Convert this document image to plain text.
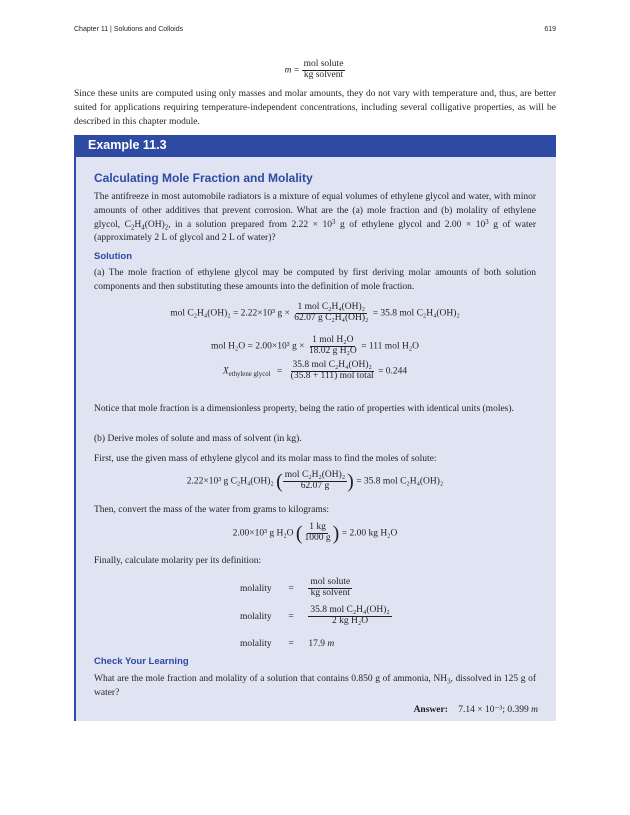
Chapter 11 | Solutions and Colloids	619
$m = \frac{\text{mol solute}}{\text{kg solvent}}$
Since these units are computed using only masses and molar amounts, they do not vary with temperature and, thus, are better suited for applications requiring temperature-independent concentrations, including several colligative properties, as will be described in this chapter module.
Example 11.3
Calculating Mole Fraction and Molality
The antifreeze in most automobile radiators is a mixture of equal volumes of ethylene glycol and water, with minor amounts of other additives that prevent corrosion. What are the (a) mole fraction and (b) molality of ethylene glycol, $C_2H_4(OH)_2$, in a solution prepared from $2.22 \times 10^3$ g of ethylene glycol and $2.00 \times 10^3$ g of water (approximately 2 L of glycol and 2 L of water)?
Solution
(a) The mole fraction of ethylene glycol may be computed by first deriving molar amounts of both solution components and then substituting these amounts into the definition of mole fraction.
mol C₂H₄(OH)₂ = 2.22×10³ $g \times \frac{\text{1 mol C₂H₄(OH)₂}}{\text{62.07 g C₂H₄(OH)₂}} = 35.8$ mol C₂H₄(OH)₂
mol H₂O = 2.00×10³ $g \times \frac{\text{1 mol H₂O}}{\text{18.02 g H₂O}} = 111$ mol H₂O
$X_{ethylene glycol} = \frac{\text{35.8 mol C₂H₄(OH)₂}}{\text{(35.8 + 111) mol total}} = 0.244$
Notice that mole fraction is a dimensionless property, being the ratio of properties with identical units (moles).
(b) Derive moles of solute and mass of solvent (in kg).
First, use the given mass of ethylene glycol and its molar mass to find the moles of solute:
2.22×10³ g C₂H₄(OH)₂ ( $\frac{\text{mol C₂H₂(OH)₂}}{62.07 g}$ ) = 35.8 mol C₂H₄(OH)₂
Then, convert the mass of the water from grams to kilograms:
2.00×10³ g H₂O ( $\frac{1 kg}{1000 g}$ ) = 2.00 kg H₂O
Finally, calculate molarity per its definition:
molality = $\frac{\text{mol solute}}{\text{kg solvent}}$
molality = $\frac{\text{35.8 mol C₂H₄(OH)₂}}{\text{2 kg H₂O}}$
molality = 17.9 m
Check Your Learning
What are the mole fraction and molality of a solution that contains 0.850 g of ammonia, $NH_3$, dissolved in 125 g of water?
Answer: 7.14 × 10⁻³; 0.399 m
